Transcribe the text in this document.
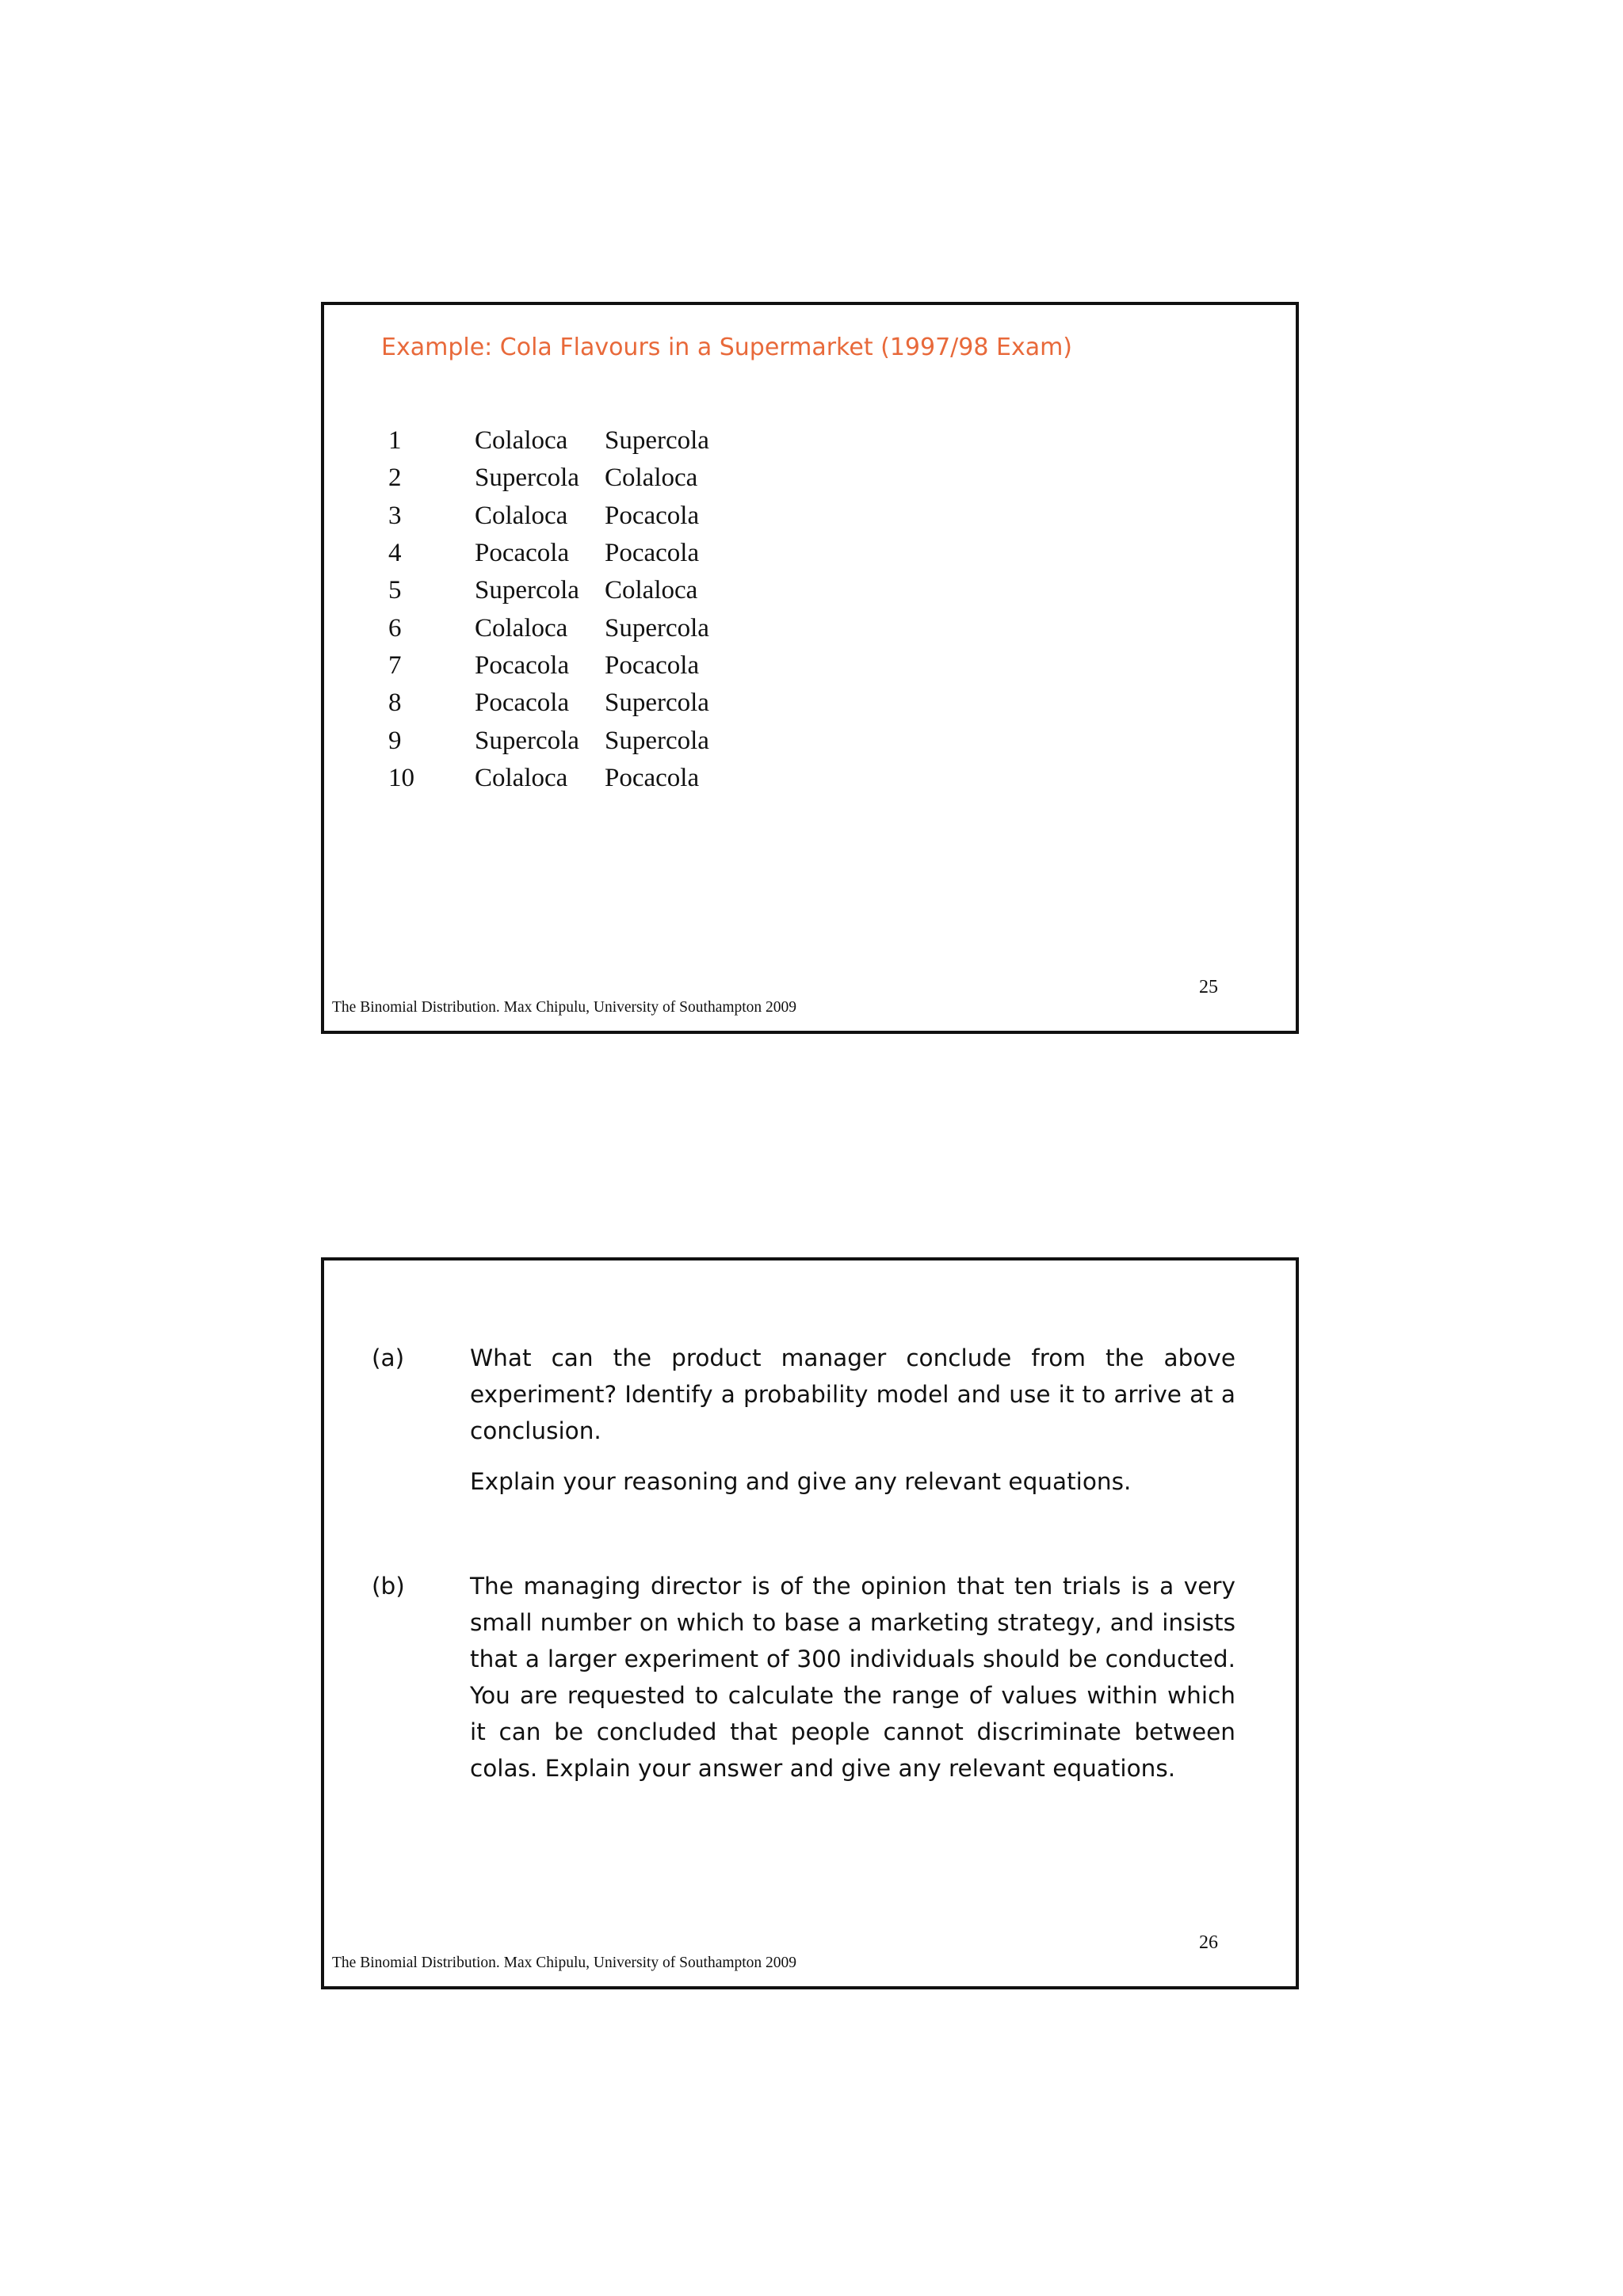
Example: Cola Flavours in a Supermarket (1997/98 Exam)
1	Colaloca	Supercola
2	Supercola Colaloca
3	Colaloca	Pocacola
4	Pocacola	Pocacola
5	Supercola Colaloca
6	Colaloca	Supercola
7	Pocacola	Pocacola
8	Pocacola	Supercola
9	Supercola Supercola
10	Colaloca	Pocacola
25
The Binomial Distribution. Max Chipulu, University of Southampton 2009
(a)	What can the product manager conclude from the above experiment? Identify a probability model and use it to arrive at a conclusion.

Explain your reasoning and give any relevant equations.

(b)	The managing director is of the opinion that ten trials is a very small number on which to base a marketing strategy, and insists that a larger experiment of 300 individuals should be conducted. You are requested to calculate the range of values within which it can be concluded that people cannot discriminate between colas. Explain your answer and give any relevant equations.

26
The Binomial Distribution. Max Chipulu, University of Southampton 2009
